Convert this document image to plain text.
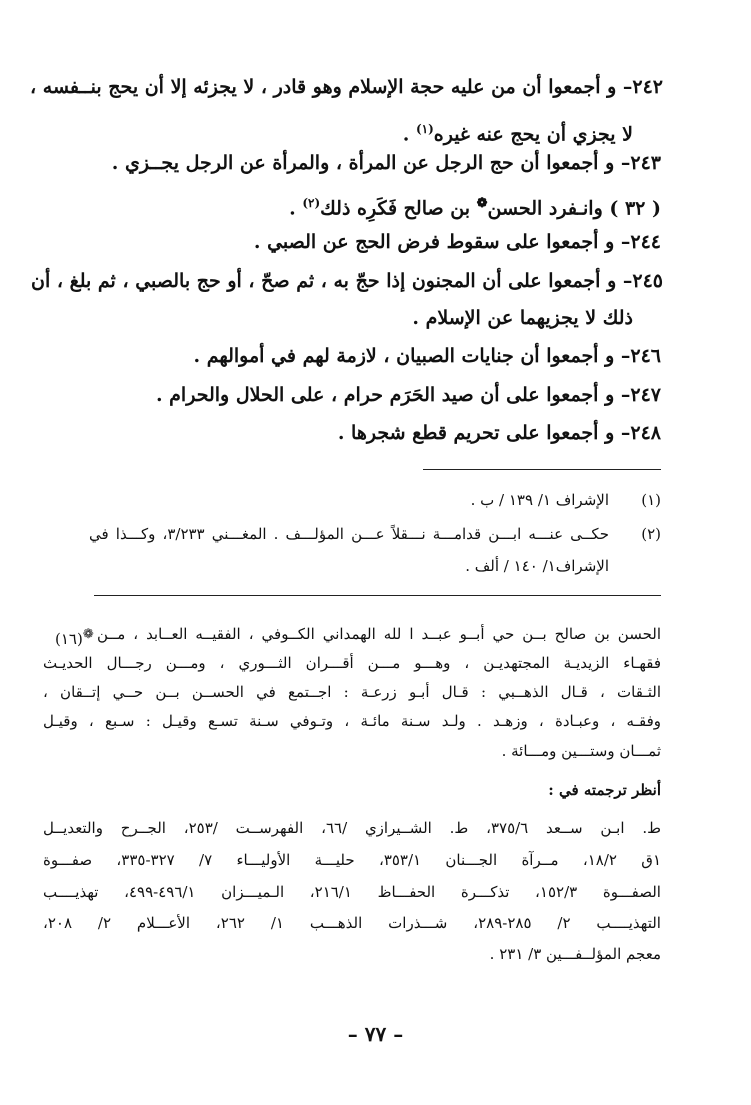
٢٤٢– و أجمعوا أن من عليه حجة الإسلام وهو قادر ، لا يجزئه إلا أن يحج بنــفسه ،
لا يجزي أن يحج عنه غيره$^{(١)}$ .
٢٤٣– و أجمعوا أن حج الرجل عن المرأة ، والمرأة عن الرجل يجــزي .
( ٣٢ ) وانـفرد الحسن❁ بن صالح فَكَرِه ذلك$^{(٢)}$ .
٢٤٤– و أجمعوا على سقوط فرض الحج عن الصبي .
٢٤٥– و أجمعوا على أن المجنون إذا حجّ به ، ثم صحّ ، أو حج بالصبي ، ثم بلغ ، أن
ذلك لا يجزيهما عن الإسلام .
٢٤٦– و أجمعوا أن جنايات الصبيان ، لازمة لهم في أموالهم .
٢٤٧– و أجمعوا على أن صيد الحَرَم حرام ، على الحلال والحرام .
٢٤٨– و أجمعوا على تحريم قطع شجرها .
(١)
الإشراف ١/ ١٣٩ / ب .
(٢)
حكــى عنـــه ابـــن قدامـــة نـــقلاً عـــن المؤلـــف . المغـــني ٣/٢٣٣، وكـــذا في
الإشراف١/ ١٤٠ / ألف .
(١٦)❁ الحسن بن صالح بــن حي أبــو عبــد ا لله الهمداني الكــوفي ، الفقيــه العــابد ، مــن
فقهـاء الزيديـة المجتهديـن ، وهـــو مـــن أقـــران الثـــوري ، ومـــن رجـــال الحديـث
الثـقات ، قـال الذهــبي : قـال أبـو زرعـة : اجــتمع في الحســن بــن حــي إتــقان ،
وفقـه ، وعبـادة ، وزهـد . ولـد سـنة مائـة ، وتـوفي سـنة تسـع وقيـل : سـبع ، وقيـل
ثمـــان وستـــين ومـــائة .
أنظر ترجمته في :
ط. ابـن ســعد ٣٧٥/٦، ط. الشــيرازي /٦٦، الفهرســت /٢٥٣، الجــرح والتعديــل
١ق ١٨/٢، مــرآة الجـــنان ٣٥٣/١، حليـــة الأوليـــاء ٧/ ٣٢٧-٣٣٥، صفـــوة
الصفـــوة ١٥٢/٣، تذكـــرة الحفـــاظ ٢١٦/١، الـميـــزان ٤٩٦/١-٤٩٩، تهذيــــب
التهذيــــب ٢/ ٢٨٥-٢٨٩، شـــذرات الذهـــب ١/ ٢٦٢، الأعـــلام ٢/ ٢٠٨،
معجم المؤلــفـــين ٣/ ٢٣١ .
– ٧٧ –
